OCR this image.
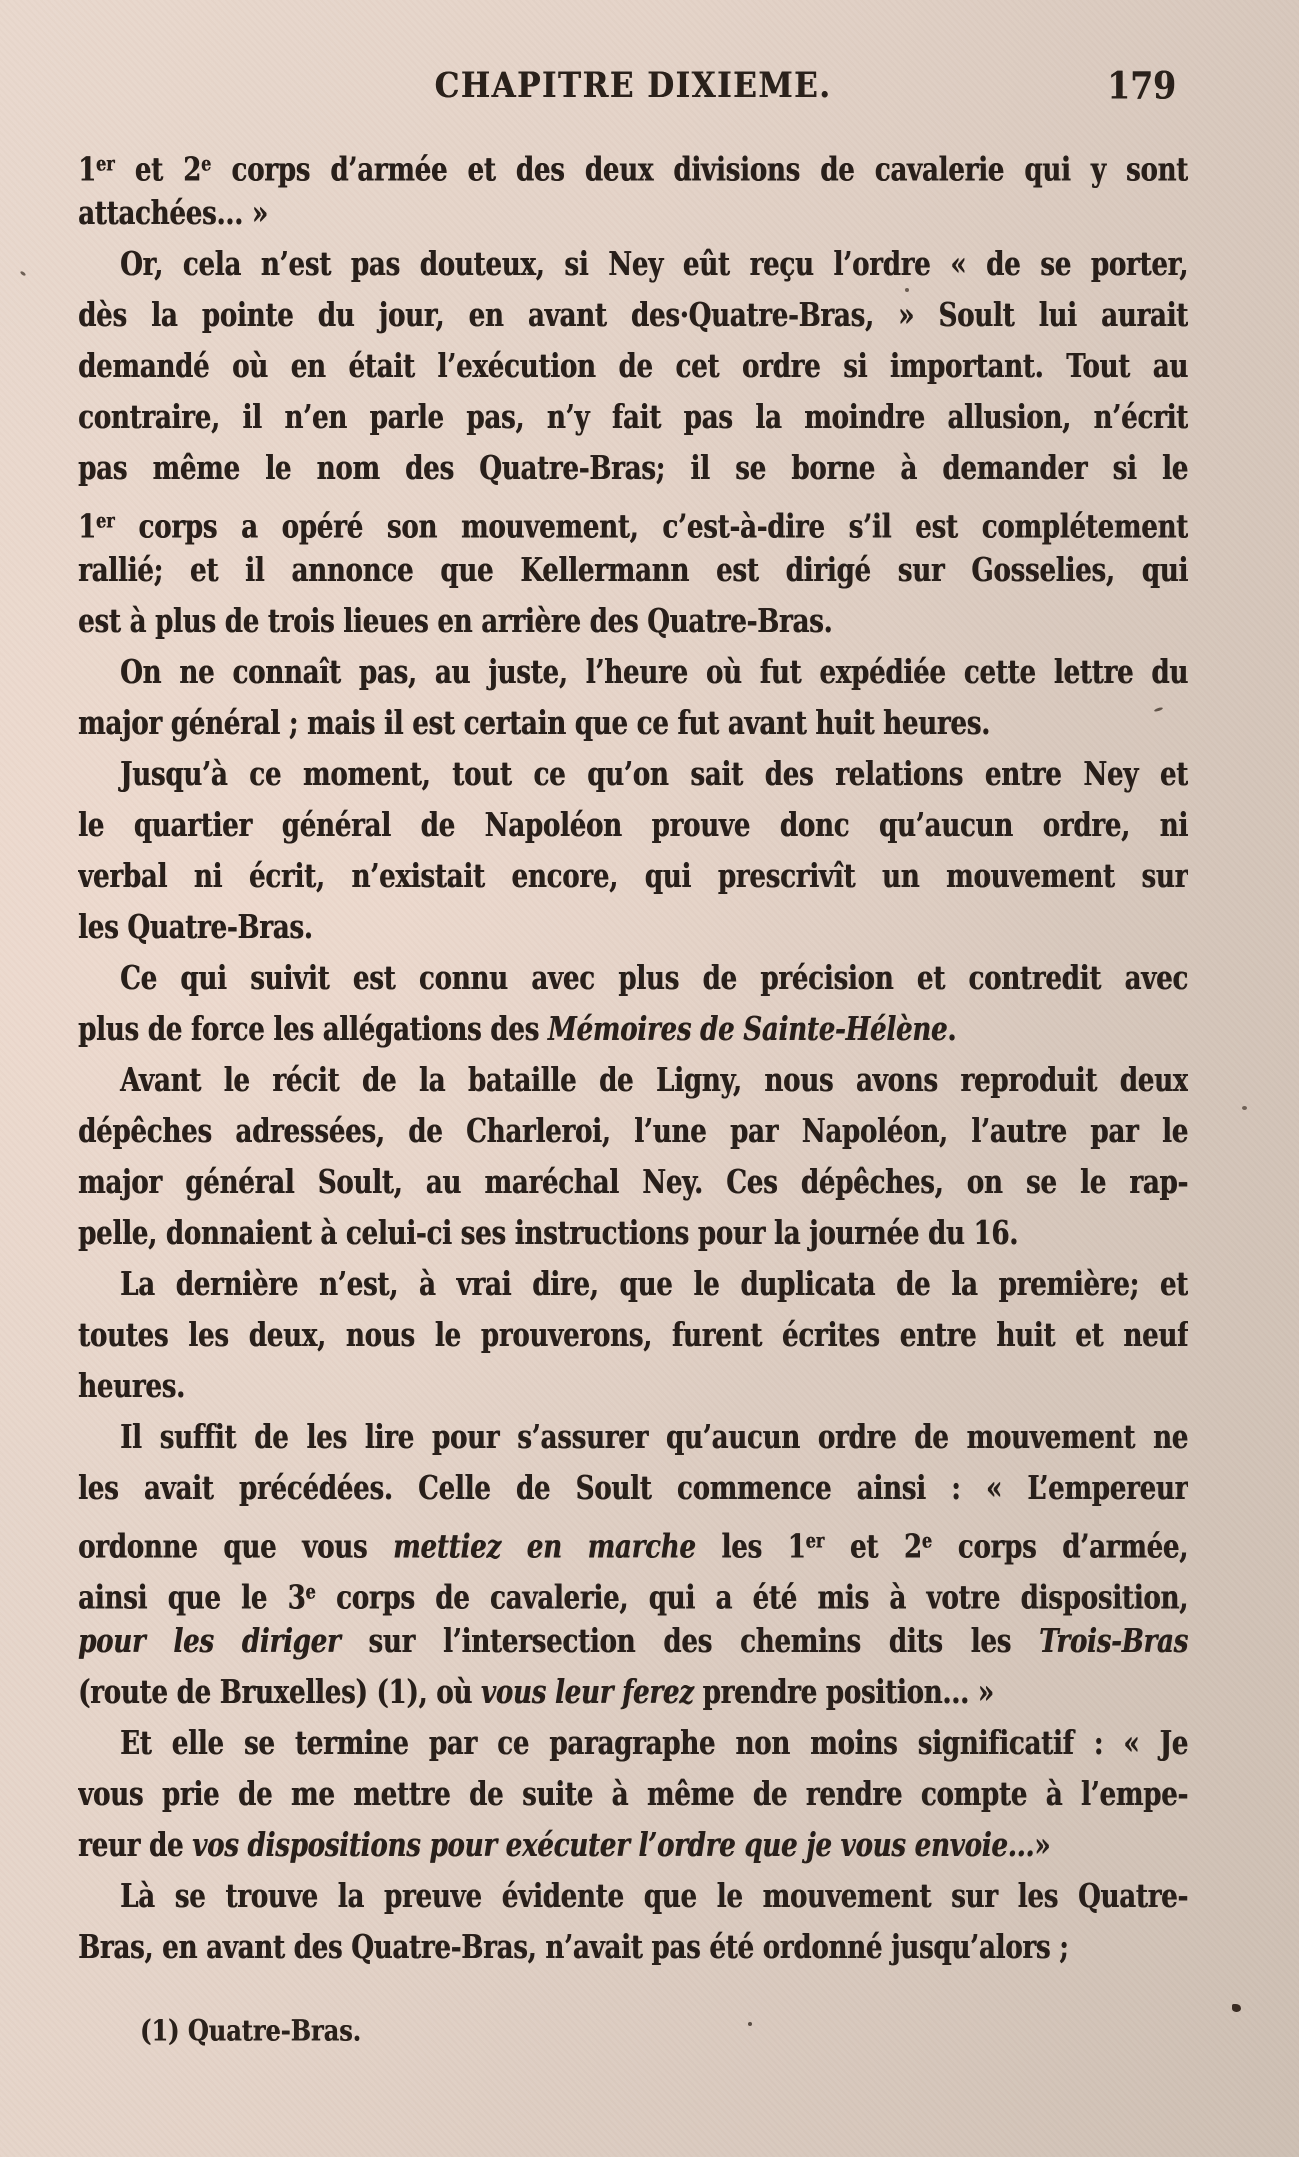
CHAPITRE DIXIEME.	179
1er et 2e corps d’armée et des deux divisions de cavalerie qui y sont
attachées... »
Or, cela n’est pas douteux, si Ney eût reçu l’ordre « de se porter,
dès la pointe du jour, en avant des·Quatre-Bras, » Soult lui aurait
demandé où en était l’exécution de cet ordre si important. Tout au
contraire, il n’en parle pas, n’y fait pas la moindre allusion, n’écrit
pas même le nom des Quatre-Bras; il se borne à demander si le
1er corps a opéré son mouvement, c’est-à-dire s’il est complétement
rallié; et il annonce que Kellermann est dirigé sur Gosselies, qui
est à plus de trois lieues en arrière des Quatre-Bras.
On ne connaît pas, au juste, l’heure où fut expédiée cette lettre du
major général ; mais il est certain que ce fut avant huit heures.
Jusqu’à ce moment, tout ce qu’on sait des relations entre Ney et
le quartier général de Napoléon prouve donc qu’aucun ordre, ni
verbal ni écrit, n’existait encore, qui prescrivît un mouvement sur
les Quatre-Bras.
Ce qui suivit est connu avec plus de précision et contredit avec
plus de force les allégations des Mémoires de Sainte-Hélène.
Avant le récit de la bataille de Ligny, nous avons reproduit deux
dépêches adressées, de Charleroi, l’une par Napoléon, l’autre par le
major général Soult, au maréchal Ney. Ces dépêches, on se le rap-
pelle, donnaient à celui-ci ses instructions pour la journée du 16.
La dernière n’est, à vrai dire, que le duplicata de la première; et
toutes les deux, nous le prouverons, furent écrites entre huit et neuf
heures.
Il suffit de les lire pour s’assurer qu’aucun ordre de mouvement ne
les avait précédées. Celle de Soult commence ainsi : « L’empereur
ordonne que vous mettiez en marche les 1er et 2e corps d’armée,
ainsi que le 3e corps de cavalerie, qui a été mis à votre disposition,
pour les diriger sur l’intersection des chemins dits les Trois-Bras
(route de Bruxelles) (1), où vous leur ferez prendre position... »
Et elle se termine par ce paragraphe non moins significatif : « Je
vous prie de me mettre de suite à même de rendre compte à l’empe-
reur de vos dispositions pour exécuter l’ordre que je vous envoie...»
Là se trouve la preuve évidente que le mouvement sur les Quatre-
Bras, en avant des Quatre-Bras, n’avait pas été ordonné jusqu’alors ;
(1) Quatre-Bras.
